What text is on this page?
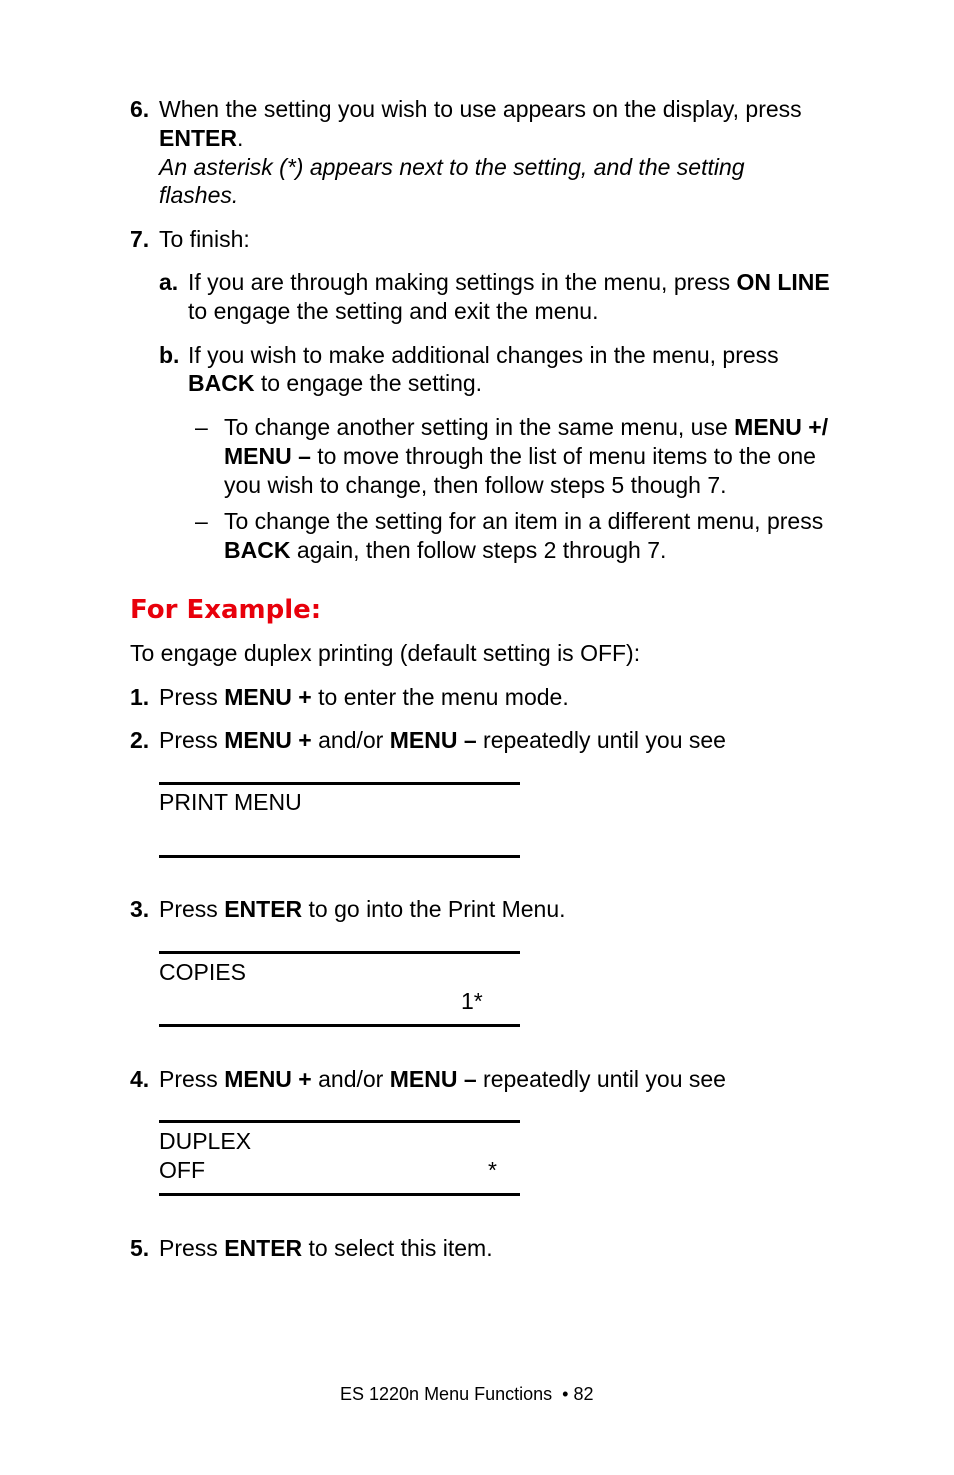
6. When the setting you wish to use appears on the display, press
ENTER.
An asterisk (*) appears next to the setting, and the setting
flashes.
7. To finish:
a. If you are through making settings in the menu, press ON LINE
to engage the setting and exit the menu.
b. If you wish to make additional changes in the menu, press
BACK to engage the setting.
– To change another setting in the same menu, use MENU +/
MENU – to move through the list of menu items to the one
you wish to change, then follow steps 5 though 7.
– To change the setting for an item in a different menu, press
BACK again, then follow steps 2 through 7.
For Example:
To engage duplex printing (default setting is OFF):
1. Press MENU + to enter the menu mode.
2. Press MENU + and/or MENU – repeatedly until you see
PRINT MENU
3. Press ENTER to go into the Print Menu.
COPIES
1*
4. Press MENU + and/or MENU – repeatedly until you see
DUPLEX
OFF	*
5. Press ENTER to select this item.
ES 1220n Menu Functions  • 82
